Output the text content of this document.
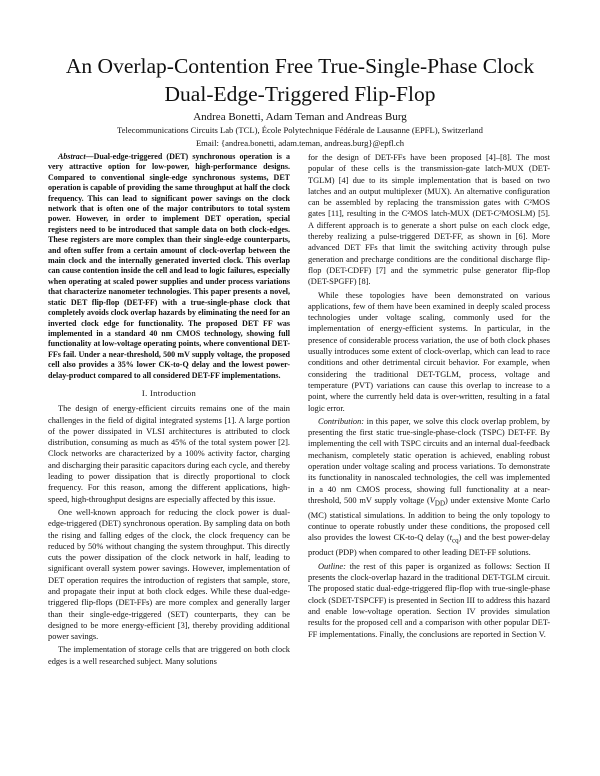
An Overlap-Contention Free True-Single-Phase Clock Dual-Edge-Triggered Flip-Flop
Andrea Bonetti, Adam Teman and Andreas Burg
Telecommunications Circuits Lab (TCL), École Polytechnique Fédérale de Lausanne (EPFL), Switzerland
Email: {andrea.bonetti, adam.teman, andreas.burg}@epfl.ch

Abstract—Dual-edge-triggered (DET) synchronous operation is a very attractive option for low-power, high-performance designs. Compared to conventional single-edge synchronous systems, DET operation is capable of providing the same throughput at half the clock frequency. This can lead to significant power savings on the clock network that is often one of the major contributors to total system power. However, in order to implement DET operation, special registers need to be introduced that sample data on both clock-edges. These registers are more complex than their single-edge counterparts, and often suffer from a certain amount of clock-overlap between the main clock and the internally generated inverted clock. This overlap can cause contention inside the cell and lead to logic failures, especially when operating at scaled power supplies and under process variations that characterize nanometer technologies. This paper presents a novel, static DET flip-flop (DET-FF) with a true-single-phase clock that completely avoids clock overlap hazards by eliminating the need for an inverted clock edge for functionality. The proposed DET FF was implemented in a standard 40 nm CMOS technology, showing full functionality at low-voltage operating points, where conventional DET-FFs fail. Under a near-threshold, 500 mV supply voltage, the proposed cell also provides a 35% lower CK-to-Q delay and the lowest power-delay-product compared to all considered DET-FF implementations.

I. Introduction

The design of energy-efficient circuits remains one of the main challenges in the field of digital integrated systems [1]. A large portion of the power dissipated in VLSI architectures is attributed to clock distribution, consuming as much as 45% of the total system power [2]. Clock networks are characterized by a 100% activity factor, charging and discharging their parasitic capacitors during each cycle, and thereby leading to power dissipation that is directly proportional to clock frequency. For this reason, among the different applications, high-speed, high-throughput designs are especially affected by this issue.

One well-known approach for reducing the clock power is dual-edge-triggered (DET) synchronous operation. By sampling data on both the rising and falling edges of the clock, the clock frequency can be reduced by 50% without changing the system throughput. This directly cuts the power dissipation of the clock network in half, leading to significant overall system power savings. However, implementation of DET operation requires the introduction of registers that sample, store, and propagate their input at both clock edges. While these dual-edge-triggered flip-flops (DET-FFs) are more complex and generally larger than their single-edge-triggered (SET) counterparts, they can be designed to be more energy-efficient [3], thereby providing additional power savings.

The implementation of storage cells that are triggered on both clock edges is a well researched subject. Many solutions

for the design of DET-FFs have been proposed [4]–[8]. The most popular of these cells is the transmission-gate latch-MUX (DET-TGLM) [4] due to its simple implementation that is based on two latches and an output multiplexer (MUX). An alternative configuration can be assembled by replacing the transmission gates with C²MOS gates [11], resulting in the C²MOS latch-MUX (DET-C²MOSLM) [5]. A different approach is to generate a short pulse on each clock edge, thereby realizing a pulse-triggered DET-FF, as shown in [6]. More advanced DET FFs that limit the switching activity through pulse generation and precharge conditions are the conditional discharge flip-flop (DET-CDFF) [7] and the symmetric pulse generator flip-flop (DET-SPGFF) [8].

While these topologies have been demonstrated on various applications, few of them have been examined in deeply scaled process technologies under voltage scaling, commonly used for the implementation of energy-efficient systems. In particular, in the presence of considerable process variation, the use of both clock phases usually introduces some extent of clock-overlap, which can lead to race conditions and other detrimental circuit behavior. For example, when considering the traditional DET-TGLM, process, voltage and temperature (PVT) variations can cause this overlap to increase to a point, where the currently held data is over-written, resulting in a fatal logic error.

Contribution: in this paper, we solve this clock overlap problem, by presenting the first static true-single-phase-clock (TSPC) DET-FF. By implementing the cell with TSPC circuits and an internal dual-feedback mechanism, completely static operation is achieved, enabling robust operation under voltage scaling and process variations. To demonstrate its functionality in nanoscaled technologies, the cell was implemented in a 40 nm CMOS process, showing full functionality at a near-threshold, 500 mV supply voltage $(V_{DD})$ under extensive Monte Carlo (MC) statistical simulations. In addition to being the only topology to continue to operate robustly under these conditions, the proposed cell also provides the lowest CK-to-Q delay $(t_{cq})$ and the best power-delay product (PDP) when compared to other leading DET-FF solutions.

Outline: the rest of this paper is organized as follows: Section II presents the clock-overlap hazard in the traditional DET-TGLM circuit. The proposed static dual-edge-triggered flip-flop with true-single-phase clock (SDET-TSPCFF) is presented in Section III to address this hazard and enable low-voltage operation. Section IV provides simulation results for the proposed cell and a comparison with other popular DET-FF implementations. Finally, the conclusions are reported in Section V.
